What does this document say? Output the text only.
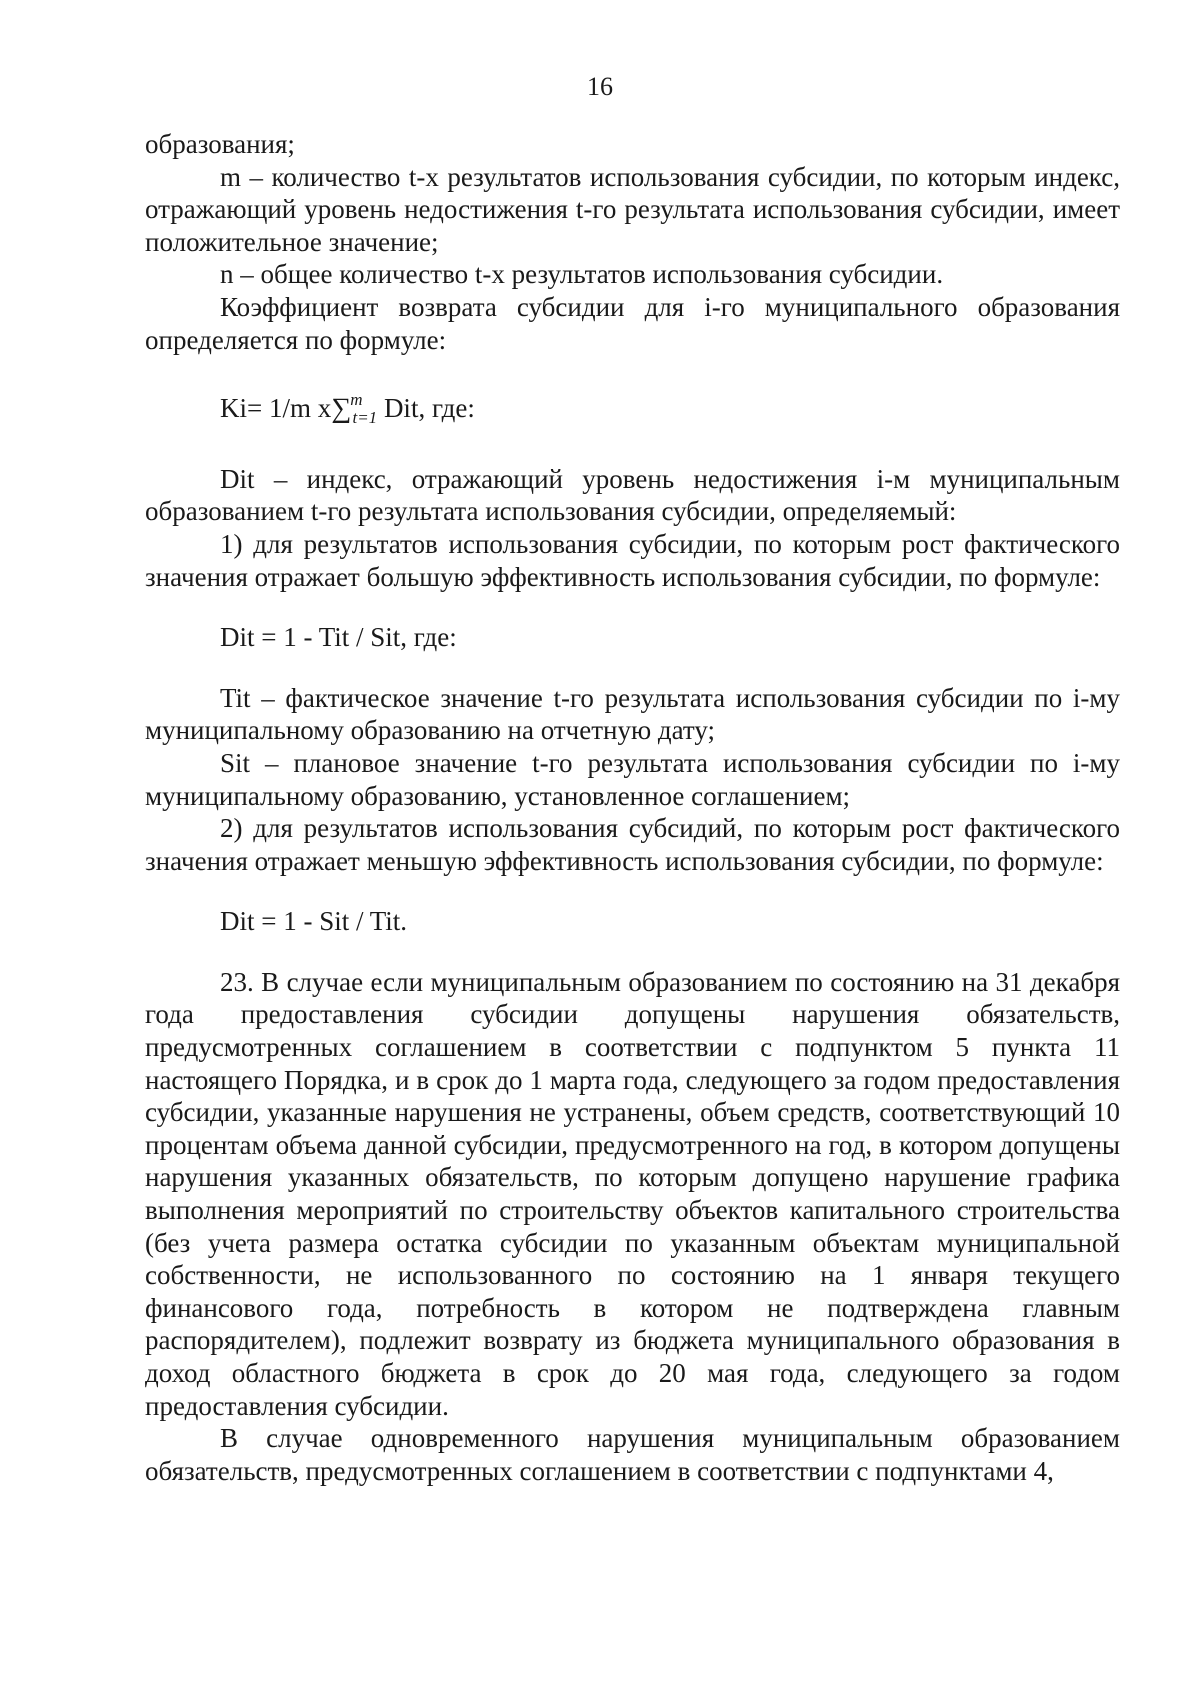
16

образования;

m – количество t-х результатов использования субсидии, по которым индекс, отражающий уровень недостижения t-го результата использования субсидии, имеет положительное значение;

n – общее количество t-х результатов использования субсидии.

Коэффициент возврата субсидии для i-го муниципального образования определяется по формуле:

Ki= 1/m x∑$^m_{t=1}$ Dit, где:

Dit – индекс, отражающий уровень недостижения i-м муниципальным образованием t-го результата использования субсидии, определяемый:

1) для результатов использования субсидии, по которым рост фактического значения отражает большую эффективность использования субсидии, по формуле:

Dit = 1 - Tit / Sit, где:

Tit – фактическое значение t-го результата использования субсидии по i-му муниципальному образованию на отчетную дату;

Sit – плановое значение t-го результата использования субсидии по i-му муниципальному образованию, установленное соглашением;

2) для результатов использования субсидий, по которым рост фактического значения отражает меньшую эффективность использования субсидии, по формуле:

Dit = 1 - Sit / Tit.

23. В случае если муниципальным образованием по состоянию на 31 декабря года предоставления субсидии допущены нарушения обязательств, предусмотренных соглашением в соответствии с подпунктом 5 пункта 11 настоящего Порядка, и в срок до 1 марта года, следующего за годом предоставления субсидии, указанные нарушения не устранены, объем средств, соответствующий 10 процентам объема данной субсидии, предусмотренного на год, в котором допущены нарушения указанных обязательств, по которым допущено нарушение графика выполнения мероприятий по строительству объектов капитального строительства (без учета размера остатка субсидии по указанным объектам муниципальной собственности, не использованного по состоянию на 1 января текущего финансового года, потребность в котором не подтверждена главным распорядителем), подлежит возврату из бюджета муниципального образования в доход областного бюджета в срок до 20 мая года, следующего за годом предоставления субсидии.

В случае одновременного нарушения муниципальным образованием обязательств, предусмотренных соглашением в соответствии с подпунктами 4,
